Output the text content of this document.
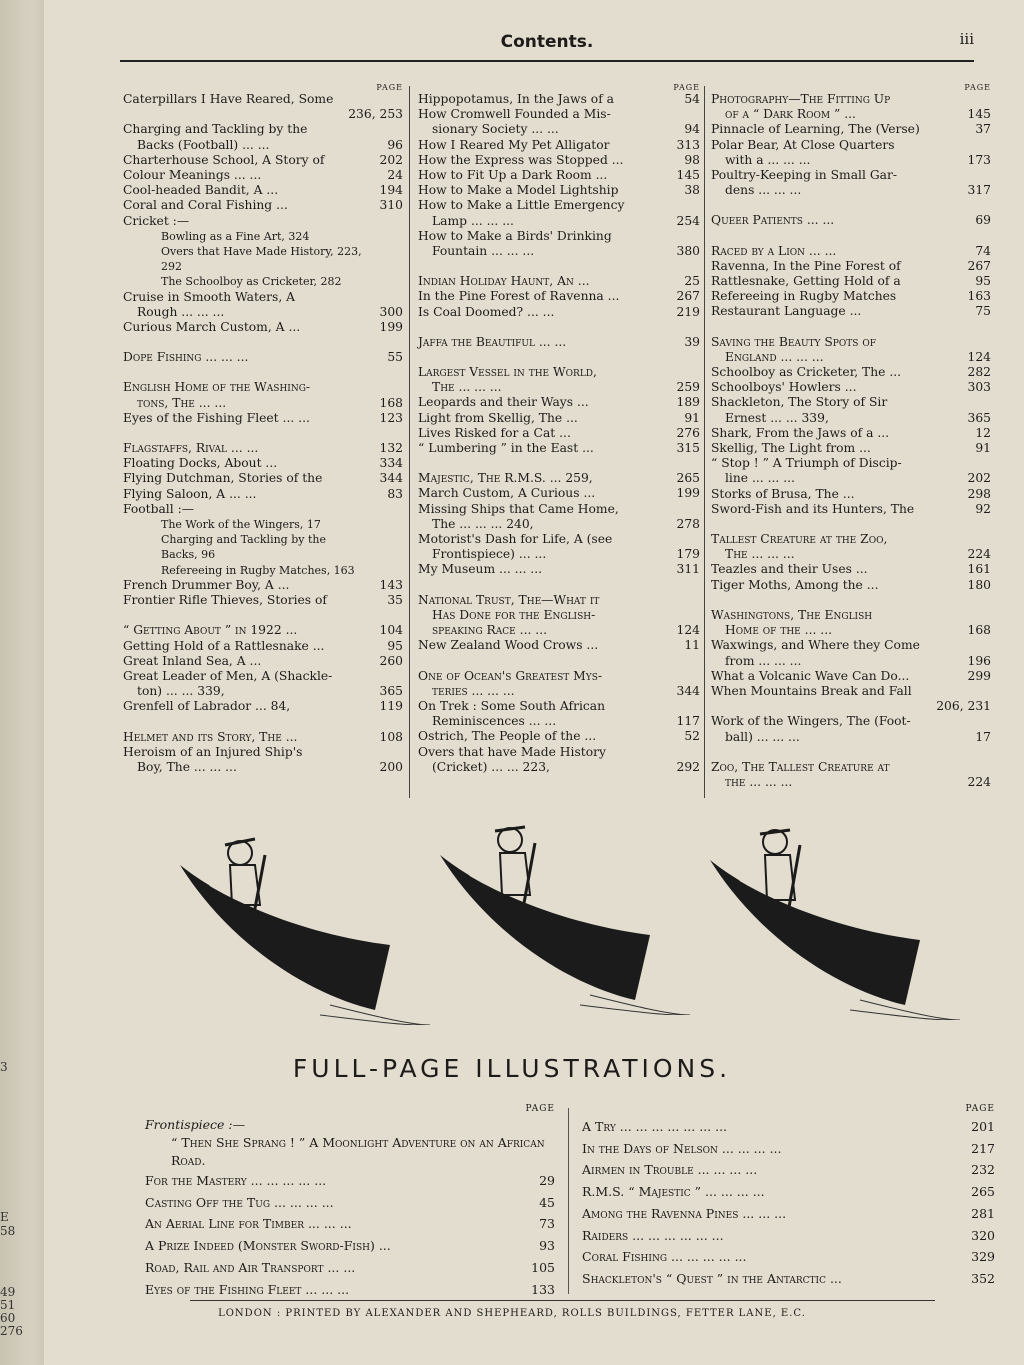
3
E
58
49
51
60
276
Contents.	iii
PAGE
Caterpillars I Have Reared, Some
236, 253
Charging and Tackling by the
Backs (Football) ... ...	96
Charterhouse School, A Story of	202
Colour Meanings ... ...	24
Cool-headed Bandit, A ...	194
Coral and Coral Fishing ...	310
Cricket :—
Bowling as a Fine Art, 324
Overs that Have Made History, 223,
292
The Schoolboy as Cricketer, 282
Cruise in Smooth Waters, A
Rough ... ... ...	300
Curious March Custom, A ...	199
Dope Fishing ... ... ...	55
English Home of the Washing-
tons, The ... ...	168
Eyes of the Fishing Fleet ... ...	123
Flagstaffs, Rival ... ...	132
Floating Docks, About ...	334
Flying Dutchman, Stories of the	344
Flying Saloon, A ... ...	83
Football :—
The Work of the Wingers, 17
Charging and Tackling by the
Backs, 96
Refereeing in Rugby Matches, 163
French Drummer Boy, A ...	143
Frontier Rifle Thieves, Stories of	35
“ Getting About ” in 1922 ...	104
Getting Hold of a Rattlesnake ...	95
Great Inland Sea, A ...	260
Great Leader of Men, A (Shackle-
ton) ... ... 339,	365
Grenfell of Labrador ... 84,	119
Helmet and its Story, The ...	108
Heroism of an Injured Ship's
Boy, The ... ... ...	200
PAGE
Hippopotamus, In the Jaws of a	54
How Cromwell Founded a Mis-
sionary Society ... ...	94
How I Reared My Pet Alligator	313
How the Express was Stopped ...	98
How to Fit Up a Dark Room ...	145
How to Make a Model Lightship	38
How to Make a Little Emergency
Lamp ... ... ...	254
How to Make a Birds' Drinking
Fountain ... ... ...	380
Indian Holiday Haunt, An ...	25
In the Pine Forest of Ravenna ...	267
Is Coal Doomed? ... ...	219
Jaffa the Beautiful ... ...	39
Largest Vessel in the World,
The ... ... ...	259
Leopards and their Ways ...	189
Light from Skellig, The ...	91
Lives Risked for a Cat ...	276
“ Lumbering ” in the East ...	315
Majestic, The R.M.S. ... 259,	265
March Custom, A Curious ...	199
Missing Ships that Came Home,
The ... ... ... 240,	278
Motorist's Dash for Life, A (see
Frontispiece) ... ...	179
My Museum ... ... ...	311
National Trust, The—What it
Has Done for the English-
speaking Race ... ...	124
New Zealand Wood Crows ...	11
One of Ocean's Greatest Mys-
teries ... ... ...	344
On Trek : Some South African
Reminiscences ... ...	117
Ostrich, The People of the ...	52
Overs that have Made History
(Cricket) ... ... 223,	292
PAGE
Photography—The Fitting Up
of a “ Dark Room ” ...	145
Pinnacle of Learning, The (Verse)	37
Polar Bear, At Close Quarters
with a ... ... ...	173
Poultry-Keeping in Small Gar-
dens ... ... ...	317
Queer Patients ... ...	69
Raced by a Lion ... ...	74
Ravenna, In the Pine Forest of	267
Rattlesnake, Getting Hold of a	95
Refereeing in Rugby Matches	163
Restaurant Language ...	75
Saving the Beauty Spots of
England ... ... ...	124
Schoolboy as Cricketer, The ...	282
Schoolboys' Howlers ...	303
Shackleton, The Story of Sir
Ernest ... ... 339,	365
Shark, From the Jaws of a ...	12
Skellig, The Light from ...	91
“ Stop ! ” A Triumph of Discip-
line ... ... ...	202
Storks of Brusa, The ...	298
Sword-Fish and its Hunters, The	92
Tallest Creature at the Zoo,
The ... ... ...	224
Teazles and their Uses ...	161
Tiger Moths, Among the ...	180
Washingtons, The English
Home of the ... ...	168
Waxwings, and Where they Come
from ... ... ...	196
What a Volcanic Wave Can Do...	299
When Mountains Break and Fall
206, 231
Work of the Wingers, The (Foot-
ball) ... ... ...	17
Zoo, The Tallest Creature at
the ... ... ...	224
FULL-PAGE ILLUSTRATIONS.
PAGE
Frontispiece :—
“ Then She Sprang ! ” A Moonlight Adventure on an African Road.
For the Mastery ... ... ... ... ...	29
Casting Off the Tug ... ... ... ...	45
An Aerial Line for Timber ... ... ...	73
A Prize Indeed (Monster Sword-Fish) ...	93
Road, Rail and Air Transport ... ...	105
Eyes of the Fishing Fleet ... ... ...	133
PAGE
A Try ... ... ... ... ... ... ...	201
In the Days of Nelson ... ... ... ...	217
Airmen in Trouble ... ... ... ...	232
R.M.S. “ Majestic ” ... ... ... ...	265
Among the Ravenna Pines ... ... ...	281
Raiders ... ... ... ... ... ...	320
Coral Fishing ... ... ... ... ...	329
Shackleton's “ Quest ” in the Antarctic ...	352
LONDON : PRINTED BY ALEXANDER AND SHEPHEARD, ROLLS BUILDINGS, FETTER LANE, E.C.
